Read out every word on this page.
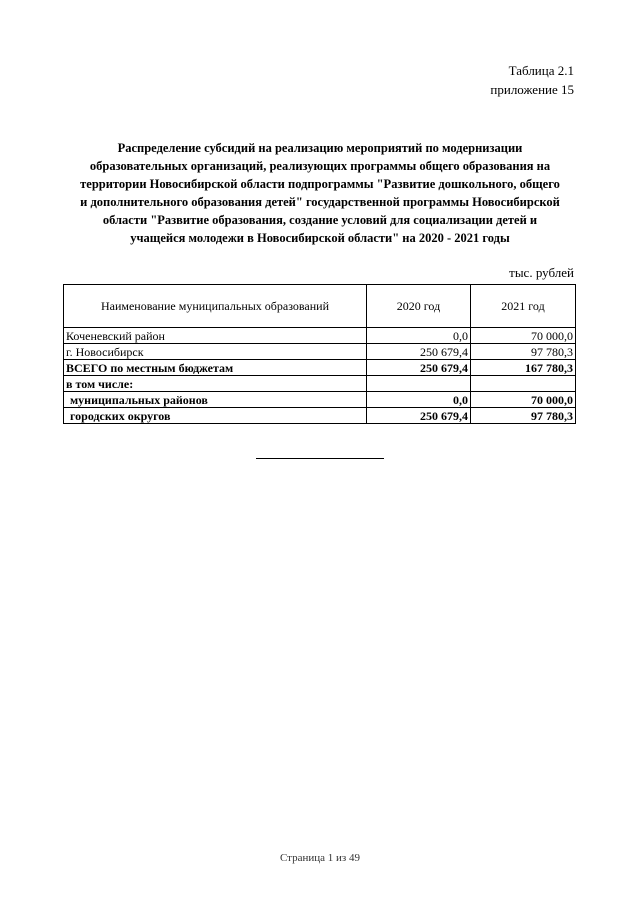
Таблица 2.1
приложение 15
Распределение субсидий на реализацию мероприятий по модернизации
образовательных организаций, реализующих программы общего образования на
территории Новосибирской области подпрограммы "Развитие дошкольного, общего
и дополнительного образования детей" государственной программы Новосибирской
области "Развитие образования, создание условий для социализации детей и
учащейся молодежи в Новосибирской области" на 2020 - 2021 годы
тыс. рублей
Наименование муниципальных образований	2020 год	2021 год
Коченевский район	0,0	70 000,0
г. Новосибирск	250 679,4	97 780,3
ВСЕГО по местным бюджетам	250 679,4	167 780,3
в том числе:		
муниципальных районов	0,0	70 000,0
городских округов	250 679,4	97 780,3
Страница 1 из 49
